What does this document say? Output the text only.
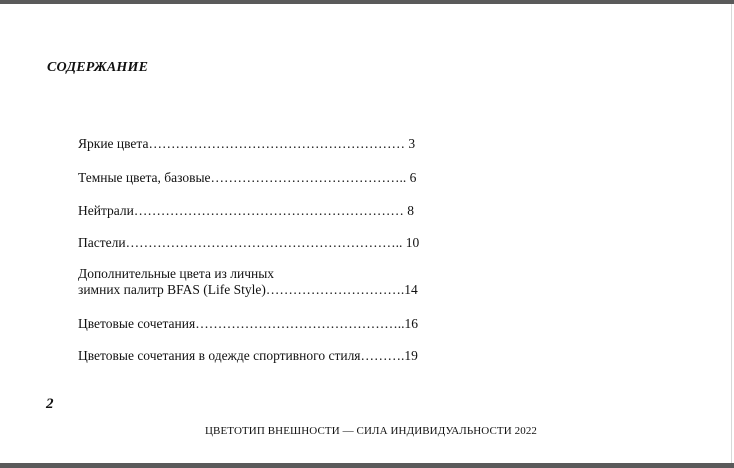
СОДЕРЖАНИЕ
Яркие цвета………………………………………………… 3
Темные цвета, базовые…………………………………….. 6
Нейтрали…………………………………………………… 8
Пастели…………………………………………………….. 10
Дополнительные цвета из личных
зимних палитр BFAS (Life Style)………………………….14
Цветовые сочетания………………………………………..16
Цветовые сочетания в одежде спортивного стиля……….19
2
ЦВЕТОТИП ВНЕШНОСТИ — СИЛА ИНДИВИДУАЛЬНОСТИ 2022
